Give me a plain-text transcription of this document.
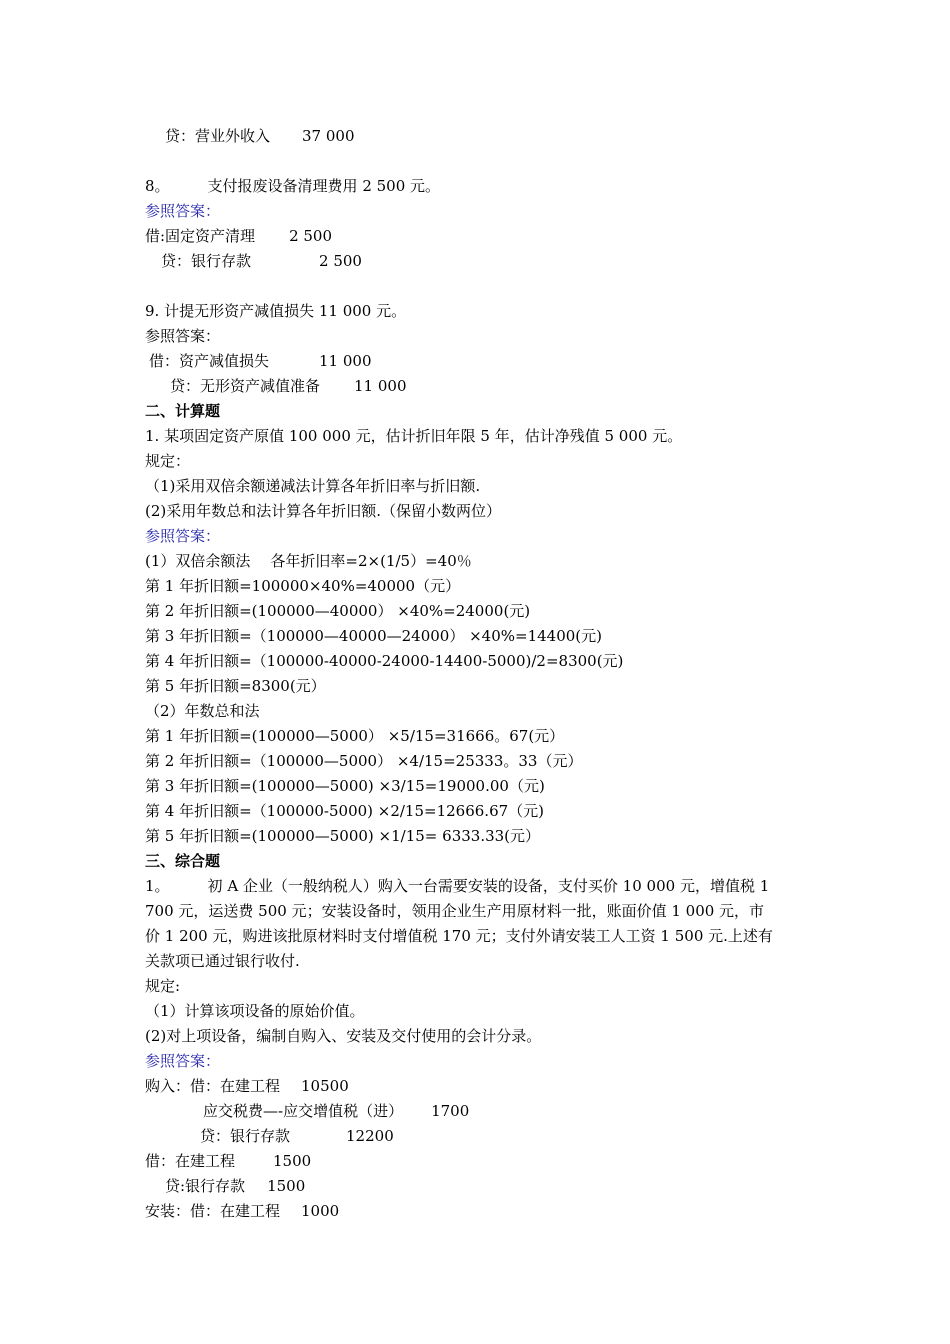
贷：营业外收入 37 000
8。	支付报废设备清理费用 2 500 元。
参照答案：
借:固定资产清理 2 500
贷：银行存款	2 500
9. 计提无形资产减值损失 11 000 元。
参照答案：
借：资产减值损失	11 000
贷：无形资产减值准备 11 000
二、计算题
1. 某项固定资产原值 100 000 元，估计折旧年限 5 年，估计净残值 5 000 元。
规定：
（1)采用双倍余额递减法计算各年折旧率与折旧额.
(2)采用年数总和法计算各年折旧额.（保留小数两位）
参照答案：
(1）双倍余额法 各年折旧率=2×(1/5）=40％
第 1 年折旧额=100000×40%=40000（元）
第 2 年折旧额=(100000—40000） ×40%=24000(元)
第 3 年折旧额=（100000—40000—24000） ×40%=14400(元)
第 4 年折旧额=（100000-40000-24000-14400-5000)/2=8300(元)
第 5 年折旧额=8300(元）
（2）年数总和法
第 1 年折旧额=(100000—5000） ×5/15=31666。67(元）
第 2 年折旧额=（100000—5000） ×4/15=25333。33（元）
第 3 年折旧额=(100000—5000) ×3/15=19000.00（元)
第 4 年折旧额=（100000-5000) ×2/15=12666.67（元)
第 5 年折旧额=(100000—5000) ×1/15= 6333.33(元）
三、综合题
1。	初 A 企业（一般纳税人）购入一台需要安装的设备，支付买价 10 000 元，增值税 1
700 元，运送费 500 元；安装设备时，领用企业生产用原材料一批，账面价值 1 000 元，市
价 1 200 元，购进该批原材料时支付增值税 170 元；支付外请安装工人工资 1 500 元.上述有
关款项已通过银行收付.
规定:
（1）计算该项设备的原始价值。
(2)对上项设备，编制自购入、安装及交付使用的会计分录。
参照答案：
购入：借：在建工程 10500
应交税费—-应交增值税（进） 1700
贷：银行存款	12200
借：在建工程	1500
贷:银行存款 1500
安装：借：在建工程 1000
